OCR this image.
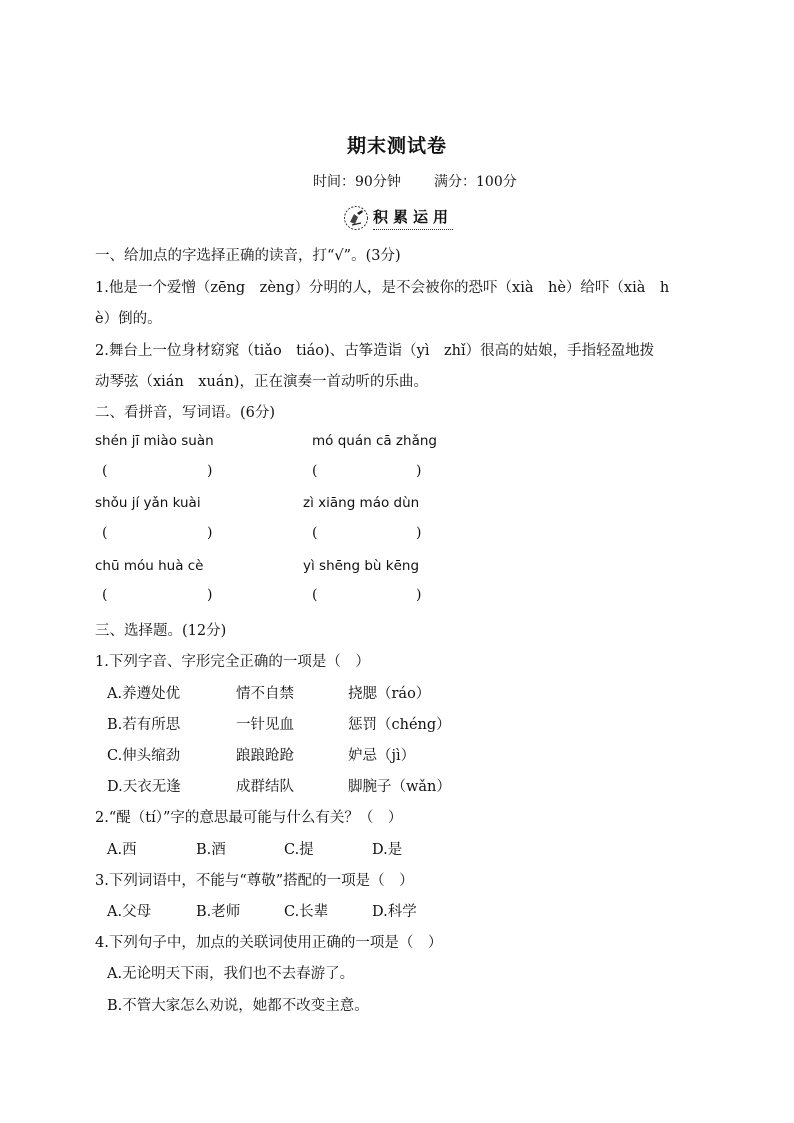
期末测试卷
时间：90分钟 满分：100分
积累运用
一、给加点的字选择正确的读音，打“√”。(3分)
1.他是一个爱憎（zēng　zèng）分明的人，是不会被你的恐吓（xià　hè）给吓（xià　h
è）倒的。
2.舞台上一位身材窈窕（tiǎo　tiáo)、古筝造诣（yì　zhǐ）很高的姑娘，手指轻盈地拨
动琴弦（xián　xuán)，正在演奏一首动听的乐曲。
二、看拼音，写词语。(6分)
shén jī miào suàn	mó quán cā zhǎng
(	)	(	)
shǒu jí yǎn kuài	zì xiāng máo dùn
(	)	(	)
chū móu huà cè	yì shēng bù kēng
(	)	(	)
三、选择题。(12分)
1.下列字音、字形完全正确的一项是（　）
A.养遵处优	情不自禁	挠腮（ráo）
B.若有所思	一针见血	惩罚（chéng）
C.伸头缩劲	踉踉跄跄	妒忌（jì）
D.天衣无逢	成群结队	脚腕子（wǎn）
2.“醍（tí）”字的意思最可能与什么有关？（　）
A.西	B.酒	C.提	D.是
3.下列词语中，不能与“尊敬”搭配的一项是（　）
A.父母	B.老师	C.长辈	D.科学
4.下列句子中，加点的关联词使用正确的一项是（　）
A.无论明天下雨，我们也不去春游了。
B.不管大家怎么劝说，她都不改变主意。
